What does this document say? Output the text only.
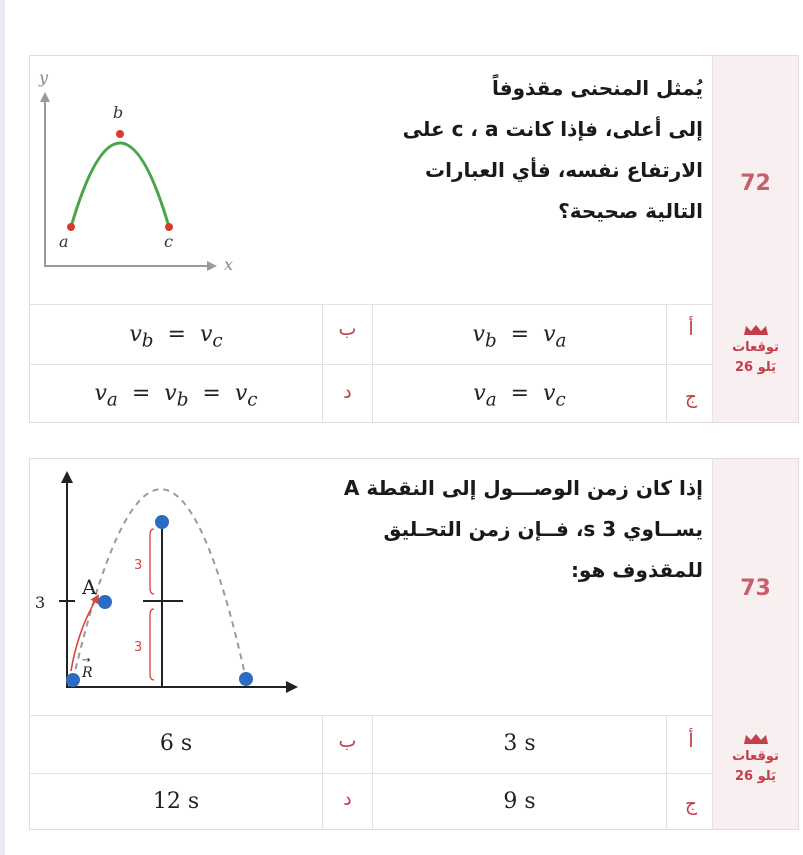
72
توقعات
يَلو 26
يُمثل المنحنى مقذوفاً
إلى أعلى، فإذا كانت c ، a على
الارتفاع نفسه، فأي العبارات
التالية صحيحة؟
y
x
a
b
c
أ
$v_b = v_a$
ب
$v_b = v_c$
ج
$v_a = v_c$
د
$v_a = v_b = v_c$
73
توقعات
يَلو 26
إذا كان زمن الوصـــول إلى النقطة A
يســاوي 3 s، فــإن زمن التحـليق
للمقذوف هو:
3
3
3
A
R
→
أ
3 s
ب
6 s
ج
9 s
د
12 s
